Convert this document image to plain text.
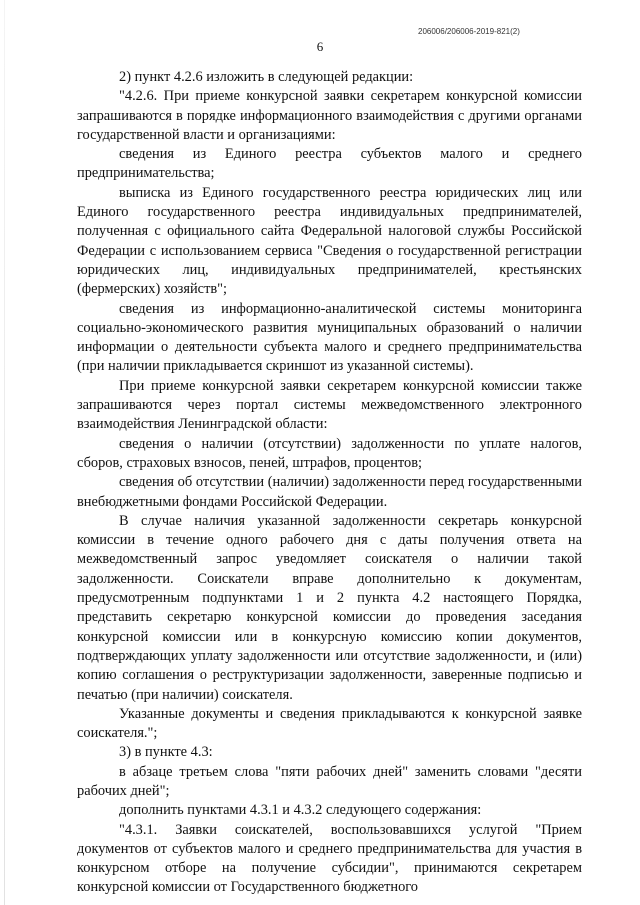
206006/206006-2019-821(2)
6

2) пункт 4.2.6 изложить в следующей редакции:

"4.2.6. При приеме конкурсной заявки секретарем конкурсной комиссии запрашиваются в порядке информационного взаимодействия с другими органами государственной власти и организациями:

сведения из Единого реестра субъектов малого и среднего предпринимательства;

выписка из Единого государственного реестра юридических лиц или Единого государственного реестра индивидуальных предпринимателей, полученная с официального сайта Федеральной налоговой службы Российской Федерации с использованием сервиса "Сведения о государственной регистрации юридических лиц, индивидуальных предпринимателей, крестьянских (фермерских) хозяйств";

сведения из информационно-аналитической системы мониторинга социально-экономического развития муниципальных образований о наличии информации о деятельности субъекта малого и среднего предпринимательства (при наличии прикладывается скриншот из указанной системы).

При приеме конкурсной заявки секретарем конкурсной комиссии также запрашиваются через портал системы межведомственного электронного взаимодействия Ленинградской области:

сведения о наличии (отсутствии) задолженности по уплате налогов, сборов, страховых взносов, пеней, штрафов, процентов;

сведения об отсутствии (наличии) задолженности перед государственными внебюджетными фондами Российской Федерации.

В случае наличия указанной задолженности секретарь конкурсной комиссии в течение одного рабочего дня с даты получения ответа на межведомственный запрос уведомляет соискателя о наличии такой задолженности. Соискатели вправе дополнительно к документам, предусмотренным подпунктами 1 и 2 пункта 4.2 настоящего Порядка, представить секретарю конкурсной комиссии до проведения заседания конкурсной комиссии или в конкурсную комиссию копии документов, подтверждающих уплату задолженности или отсутствие задолженности, и (или) копию соглашения о реструктуризации задолженности, заверенные подписью и печатью (при наличии) соискателя.

Указанные документы и сведения прикладываются к конкурсной заявке соискателя.";

3) в пункте 4.3:

в абзаце третьем слова "пяти рабочих дней" заменить словами "десяти рабочих дней";

дополнить пунктами 4.3.1 и 4.3.2 следующего содержания:

"4.3.1. Заявки соискателей, воспользовавшихся услугой "Прием документов от субъектов малого и среднего предпринимательства для участия в конкурсном отборе на получение субсидии", принимаются секретарем конкурсной комиссии от Государственного бюджетного
